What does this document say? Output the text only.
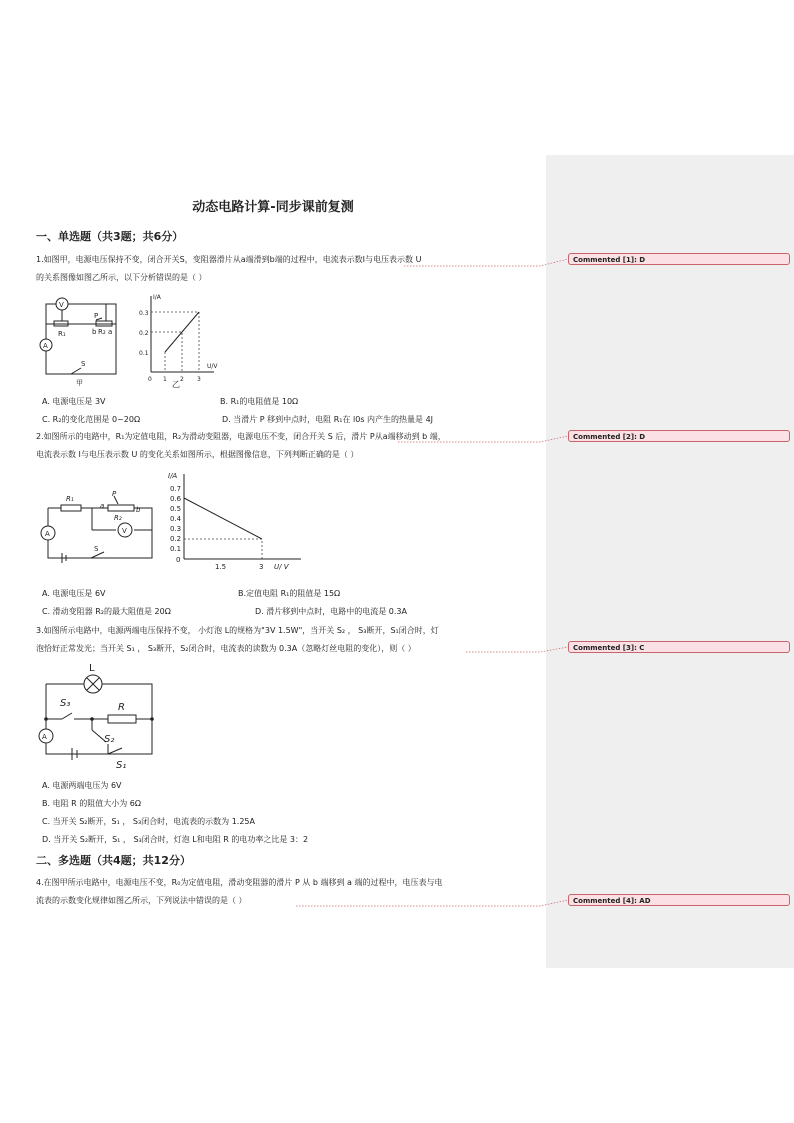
动态电路计算-同步课前复测
一、单选题（共3题；共6分）
1.如图甲，电源电压保持不变，闭合开关S，变阻器滑片从a端滑到b端的过程中，电流表示数I与电压表示数 U
的关系图像如图乙所示，以下分析错误的是（ ）
V
R₁
P
b R₂ a
A
S
甲
I/A
U/V
0.3
0.2
0.1
0 1 2 3
乙
A. 电源电压是 3V	B. R₁的电阻值是 10Ω
C. R₂的变化范围是 0~20Ω	D. 当滑片 P 移到中点时，电阻 R₁在 l0s 内产生的热量是 4J
2.如图所示的电路中，R₁为定值电阻，R₂为滑动变阻器，电源电压不变，闭合开关 S 后，滑片 P从a端移动到 b 端，
电流表示数 I与电压表示数 U 的变化关系如图所示，根据图像信息，下列判断正确的是（ ）
R₁
a
P
b
R₂
A	V
S
I/A
U/ V
0.7
0.6
0.5
0.4
0.3
0.2
0.1
0
1.5	3
A. 电源电压是 6V	B.定值电阻 R₁的阻值是 15Ω
C. 滑动变阻器 R₂的最大阻值是 20Ω	D. 滑片移到中点时，电路中的电流是 0.3A
3.如图所示电路中，电源两端电压保持不变， 小灯泡 L的规格为"3V 1.5W"，当开关 S₂ ， S₃断开，S₁闭合时，灯
泡恰好正常发光；当开关 S₁ ， S₃断开，S₂闭合时，电流表的读数为 0.3A（忽略灯丝电阻的变化），则（ ）
L
S₃	R
A	S₂
S₁
A. 电源两端电压为 6V
B. 电阻 R 的阻值大小为 6Ω
C. 当开关 S₂断开，S₁ ， S₃闭合时，电流表的示数为 1.25A
D. 当开关 S₂断开，S₁ ， S₃闭合时，灯泡 L和电阻 R 的电功率之比是 3：2
二、多选题（共4题；共12分）
4.在图甲所示电路中，电源电压不变，R₀为定值电阻，滑动变阻器的滑片 P 从 b 端移到 a 端的过程中，电压表与电
流表的示数变化规律如图乙所示，下列说法中错误的是（ ）
Commented [1]: D
Commented [2]: D
Commented [3]: C
Commented [4]: AD
